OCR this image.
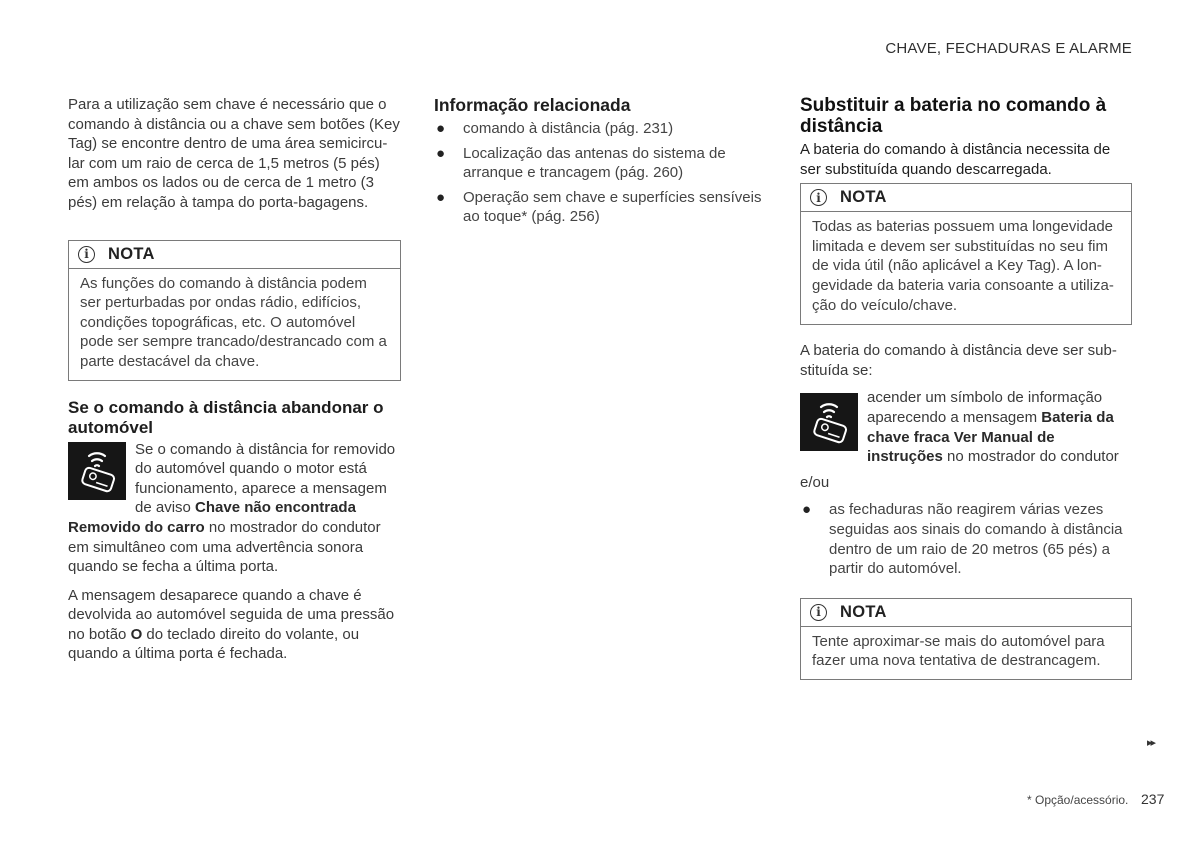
CHAVE, FECHADURAS E ALARME

Para a utilização sem chave é necessário que o comando à distância ou a chave sem botões (Key Tag) se encontre dentro de uma área semicircu-lar com um raio de cerca de 1,5 metros (5 pés) em ambos os lados ou de cerca de 1 metro (3 pés) em relação à tampa do porta-bagagens.

i	NOTA
As funções do comando à distância podem ser perturbadas por ondas rádio, edifícios, condições topográficas, etc. O automóvel pode ser sempre trancado/destrancado com a parte destacável da chave.
Se o comando à distância abandonar o automóvel

Se o comando à distância for removido do automóvel quando o motor está funcionamento, aparece a mensagem de aviso Chave não encontrada Removido do carro no mostrador do condutor em simultâneo com uma advertência sonora quando se fecha a última porta.

A mensagem desaparece quando a chave é devolvida ao automóvel seguida de uma pressão no botão O do teclado direito do volante, ou quando a última porta é fechada.

Informação relacionada
● comando à distância (pág. 231)
● Localização das antenas do sistema de arranque e trancagem (pág. 260)
● Operação sem chave e superfícies sensíveis ao toque* (pág. 256)
Substituir a bateria no comando à distância
A bateria do comando à distância necessita de ser substituída quando descarregada.
i	NOTA
Todas as baterias possuem uma longevidade limitada e devem ser substituídas no seu fim de vida útil (não aplicável a Key Tag). A lon-gevidade da bateria varia consoante a utiliza-ção do veículo/chave.

A bateria do comando à distância deve ser sub-stituída se:

acender um símbolo de informação aparecendo a mensagem Bateria da chave fraca Ver Manual de instruções no mostrador do condutor

e/ou

● as fechaduras não reagirem várias vezes seguidas aos sinais do comando à distância dentro de um raio de 20 metros (65 pés) a partir do automóvel.
i	NOTA
Tente aproximar-se mais do automóvel para fazer uma nova tentativa de destrancagem.
▸▸
* Opção/acessório. 237
